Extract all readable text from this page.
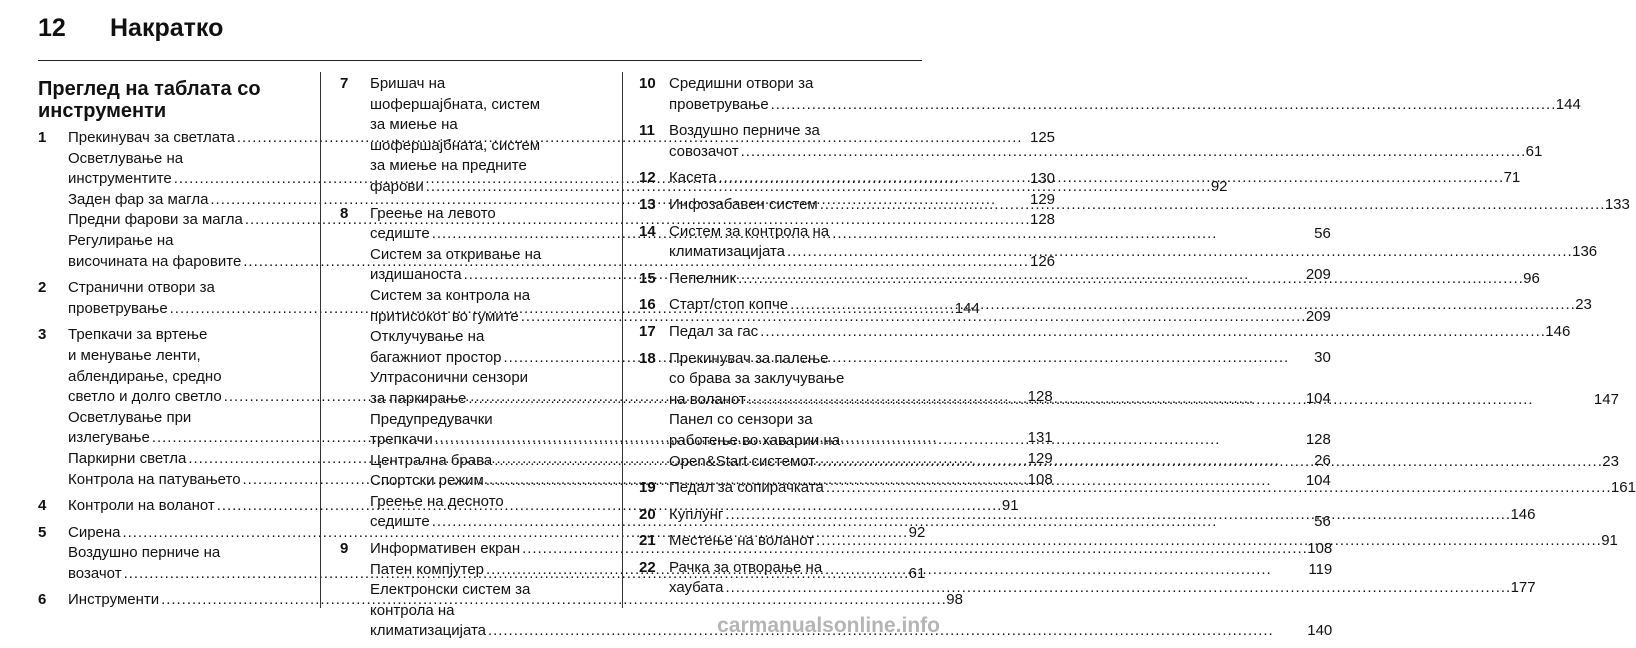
12	Накратко
Преглед на таблата со
инструменти
1	Прекинувач за светлата . . .	125
Осветлување на
инструментите . . .	130
Заден фар за магла . . .	129
Предни фарови за магла . . .	128
Регулирање на
височината на фаровите . . .	126
2	Странични отвори за
проветрување . . .	144
3	Трепкачи за вртење
и менување ленти,
аблендирање, средно
светло и долго светло . . .	128
Осветлување при
излегување . . .	131
Паркирни светла . . .	129
Контрола на патувањето . . .	108
4	Контроли на воланот . . .	91
5	Сирена . . .	92
Воздушно перниче на
возачот . . .	61
6	Инструменти . . .	98
7	Бришач на
шофершајбната, систем
за миење на
шофершајбната, систем
за миење на предните
фарови . . .	92
8	Греење на левото
седиште . . .	56
Систем за откривање на
издишаноста . . .	209
Систем за контрола на
притисокот во гумите . . .	209
Отклучување на
багажниот простор . . .	30
Ултрасонични сензори
за паркирање . . .	104
Предупредувачки
трепкачи . . .	128
Централна брава . . .	26
Спортски режим . . .	104
Греење на десното
седиште . . .	56
9	Информативен екран . . .	108
Патен компјутер . . .	119
Електронски систем за
контрола на
климатизацијата . . .	140
10 Средишни отвори за
проветрување . . .	144
11 Воздушно перниче за
совозачот . . .	61
12 Касета . . .	71
13 Инфозабавен систем . . .	133
14 Систем за контрола на
климатизацијата . . .	136
15 Пепелник . . .	96
16 Старт/стоп копче . . .	23
17 Педал за гас . . .	146
18 Прекинувач за палење
со брава за заклучување
на воланот . . .	147
Панел со сензори за
работење во хаварии на
Open&Start системот . . .	23
19 Педал за сопирачката . . .	161
20 Куплунг . . .	146
21 Местење на воланот . . .	91
22 Рачка за отворање на
хаубата . . .	177
carmanualsonline.info
